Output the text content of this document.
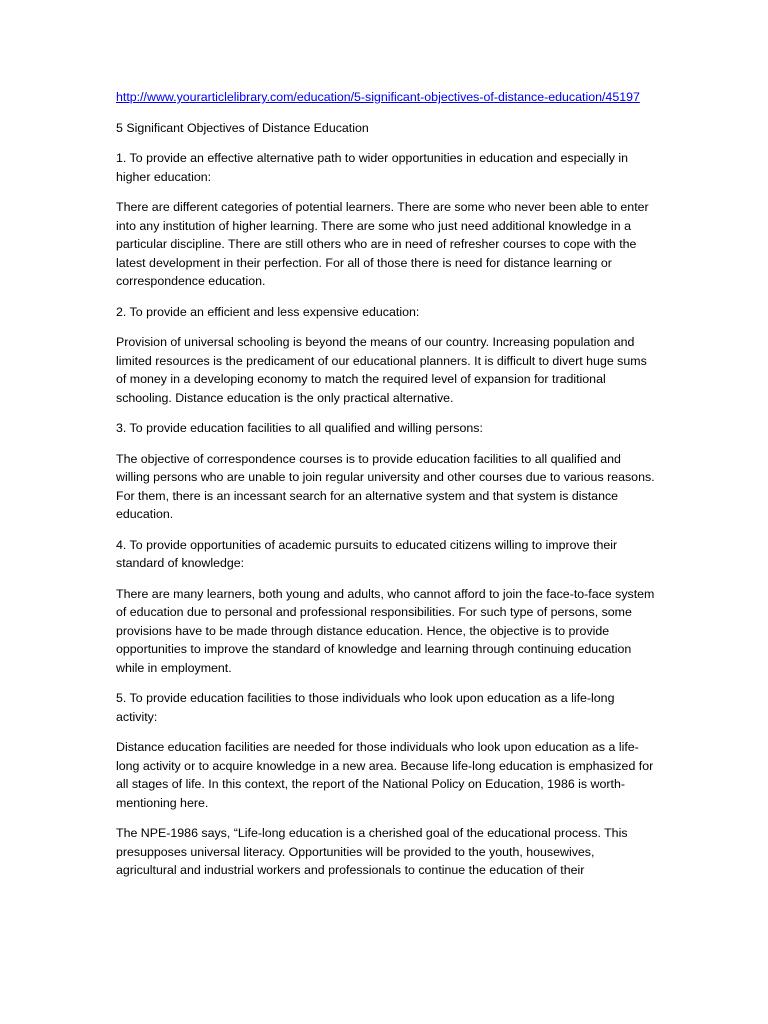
http://www.yourarticlelibrary.com/education/5-significant-objectives-of-distance-education/45197

5 Significant Objectives of Distance Education

1. To provide an effective alternative path to wider opportunities in education and especially in higher education:

There are different categories of potential learners. There are some who never been able to enter into any institution of higher learning. There are some who just need additional knowledge in a particular discipline. There are still others who are in need of refresher courses to cope with the latest development in their perfection. For all of those there is need for distance learning or correspondence education.

2. To provide an efficient and less expensive education:

Provision of universal schooling is beyond the means of our country. Increasing population and limited resources is the predicament of our educational planners. It is difficult to divert huge sums of money in a developing economy to match the required level of expansion for traditional schooling. Distance education is the only practical alternative.

3. To provide education facilities to all qualified and willing persons:

The objective of correspondence courses is to provide education facilities to all qualified and willing persons who are unable to join regular university and other courses due to various reasons. For them, there is an incessant search for an alternative system and that system is distance education.

4. To provide opportunities of academic pursuits to educated citizens willing to improve their standard of knowledge:

There are many learners, both young and adults, who cannot afford to join the face-to-face system of education due to personal and professional responsibilities. For such type of persons, some provisions have to be made through distance education. Hence, the objective is to provide opportunities to improve the standard of knowledge and learning through continuing education while in employment.

5. To provide education facilities to those individuals who look upon education as a life-long activity:

Distance education facilities are needed for those individuals who look upon education as a life-long activity or to acquire knowledge in a new area. Because life-long education is emphasized for all stages of life. In this context, the report of the National Policy on Education, 1986 is worth- mentioning here.

The NPE-1986 says, “Life-long education is a cherished goal of the educational process. This presupposes universal literacy. Opportunities will be provided to the youth, housewives, agricultural and industrial workers and professionals to continue the education of their
